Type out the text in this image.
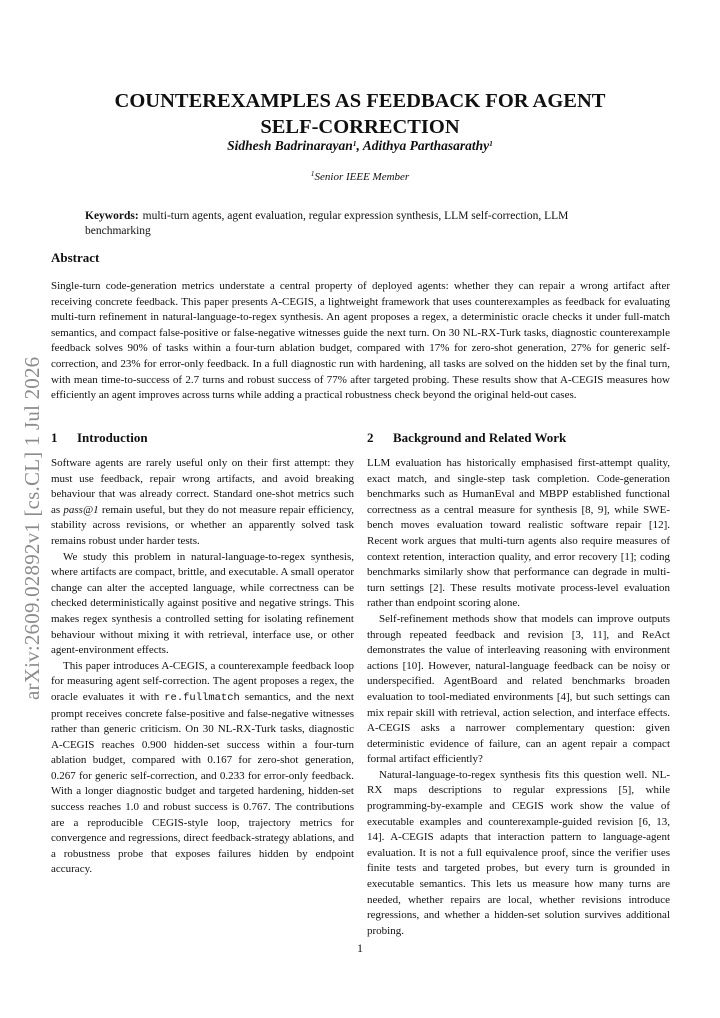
arXiv:2609.02892v1 [cs.CL] 1 Jul 2026
COUNTEREXAMPLES AS FEEDBACK FOR AGENT
SELF-CORRECTION
Sidhesh Badrinarayan$^1$, Adithya Parthasarathy$^1$
$^1$Senior IEEE Member
Keywords: multi-turn agents, agent evaluation, regular expression synthesis, LLM self-correction, LLM benchmarking
Abstract

Single-turn code-generation metrics understate a central property of deployed agents: whether they can repair a wrong artifact after receiving concrete feedback. This paper presents A-CEGIS, a lightweight framework that uses counterexamples as feedback for evaluating multi-turn refinement in natural-language-to-regex synthesis. An agent proposes a regex, a deterministic oracle checks it under full-match semantics, and compact false-positive or false-negative witnesses guide the next turn. On 30 NL-RX-Turk tasks, diagnostic counterexample feedback solves 90% of tasks within a four-turn ablation budget, compared with 17% for zero-shot generation, 27% for generic self-correction, and 23% for error-only feedback. In a full diagnostic run with hardening, all tasks are solved on the hidden set by the final turn, with mean time-to-success of 2.7 turns and robust success of 77% after targeted probing. These results show that A-CEGIS measures how efficiently an agent improves across turns while adding a practical robustness check beyond the original held-out cases.

1 Introduction

Software agents are rarely useful only on their first attempt: they must use feedback, repair wrong artifacts, and avoid breaking behaviour that was already correct. Standard one-shot metrics such as pass@1 remain useful, but they do not measure repair efficiency, stability across revisions, or whether an apparently solved task remains robust under harder tests.

We study this problem in natural-language-to-regex synthesis, where artifacts are compact, brittle, and executable. A small operator change can alter the accepted language, while correctness can be checked deterministically against positive and negative strings. This makes regex synthesis a controlled setting for isolating refinement behaviour without mixing it with retrieval, interface use, or other agent-environment effects.

This paper introduces A-CEGIS, a counterexample feedback loop for measuring agent self-correction. The agent proposes a regex, the oracle evaluates it with re.fullmatch semantics, and the next prompt receives concrete false-positive and false-negative witnesses rather than generic criticism. On 30 NL-RX-Turk tasks, diagnostic A-CEGIS reaches 0.900 hidden-set success within a four-turn ablation budget, compared with 0.167 for zero-shot generation, 0.267 for generic self-correction, and 0.233 for error-only feedback. With a longer diagnostic budget and targeted hardening, hidden-set success reaches 1.0 and robust success is 0.767. The contributions are a reproducible CEGIS-style loop, trajectory metrics for convergence and regressions, direct feedback-strategy ablations, and a robustness probe that exposes failures hidden by endpoint accuracy.

2 Background and Related Work

LLM evaluation has historically emphasised first-attempt quality, exact match, and single-step task completion. Code-generation benchmarks such as HumanEval and MBPP established functional correctness as a central measure for synthesis [8, 9], while SWE-bench moves evaluation toward realistic software repair [12]. Recent work argues that multi-turn agents also require measures of context retention, interaction quality, and error recovery [1]; coding benchmarks similarly show that performance can degrade in multi-turn settings [2]. These results motivate process-level evaluation rather than endpoint scoring alone.

Self-refinement methods show that models can improve outputs through repeated feedback and revision [3, 11], and ReAct demonstrates the value of interleaving reasoning with environment actions [10]. However, natural-language feedback can be noisy or underspecified. AgentBoard and related benchmarks broaden evaluation to tool-mediated environments [4], but such settings can mix repair skill with retrieval, action selection, and interface effects. A-CEGIS asks a narrower complementary question: given deterministic evidence of failure, can an agent repair a compact formal artifact efficiently?

Natural-language-to-regex synthesis fits this question well. NL-RX maps descriptions to regular expressions [5], while programming-by-example and CEGIS work show the value of executable examples and counterexample-guided revision [6, 13, 14]. A-CEGIS adapts that interaction pattern to language-agent evaluation. It is not a full equivalence proof, since the verifier uses finite tests and targeted probes, but every turn is grounded in executable semantics. This lets us measure how many turns are needed, whether repairs are local, whether revisions introduce regressions, and whether a hidden-set solution survives additional probing.

1
